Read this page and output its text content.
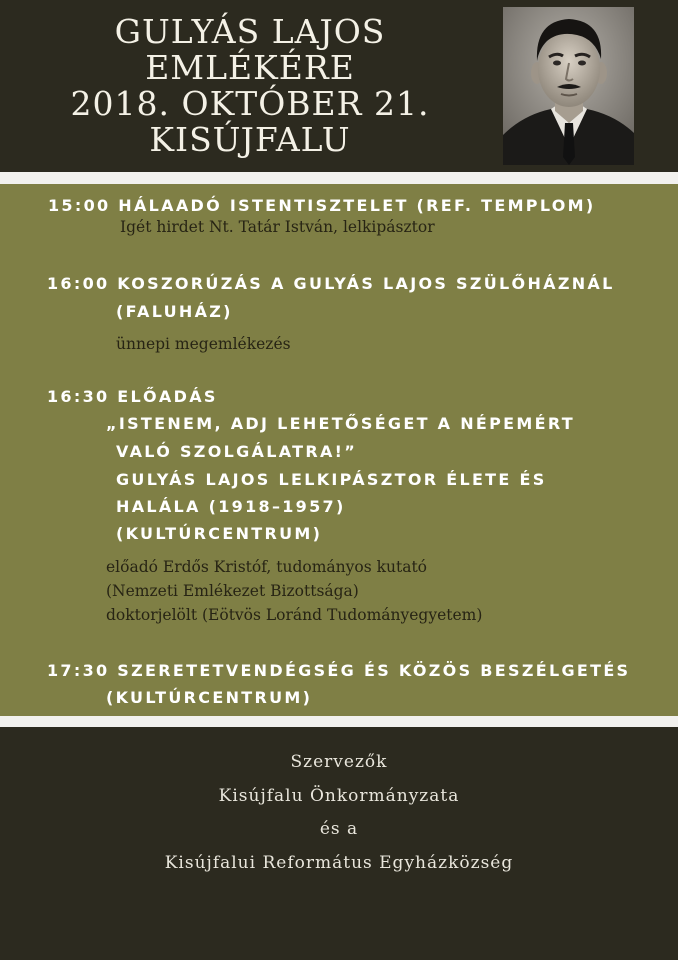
GULYÁS LAJOS
EMLÉKÉRE
2018. OKTÓBER 21.
KISÚJFALU
15:00 HÁLAADÓ ISTENTISZTELET (REF. TEMPLOM)
Igét hirdet Nt. Tatár István, lelkipásztor
16:00 KOSZORÚZÁS A GULYÁS LAJOS SZÜLŐHÁZNÁL
(FALUHÁZ)
ünnepi megemlékezés
16:30 ELŐADÁS
„ISTENEM, ADJ LEHETŐSÉGET A NÉPEMÉRT
VALÓ SZOLGÁLATRA!”
GULYÁS LAJOS LELKIPÁSZTOR ÉLETE ÉS
HALÁLA (1918–1957)
(KULTÚRCENTRUM)
előadó Erdős Kristóf, tudományos kutató
(Nemzeti Emlékezet Bizottsága)
doktorjelölt (Eötvös Loránd Tudományegyetem)
17:30 SZERETETVENDÉGSÉG ÉS KÖZÖS BESZÉLGETÉS
(KULTÚRCENTRUM)
Szervezők
Kisújfalu Önkormányzata
és a
Kisújfalui Református Egyházközség
